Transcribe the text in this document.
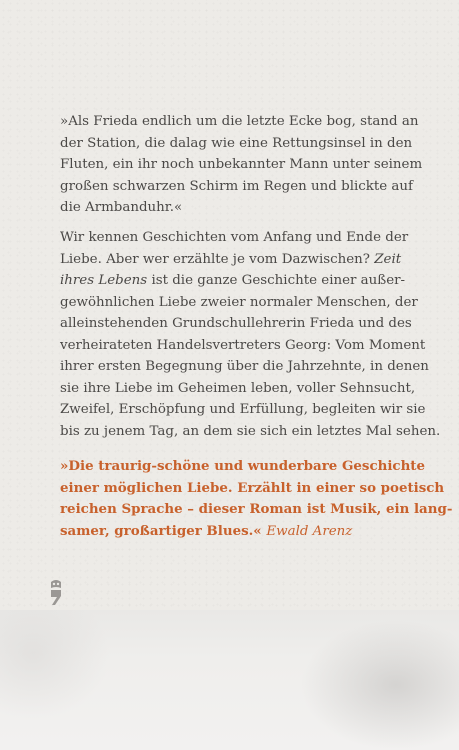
»Als Frieda endlich um die letzte Ecke bog, stand an
der Station, die dalag wie eine Rettungsinsel in den
Fluten, ein ihr noch unbekannter Mann unter seinem
großen schwarzen Schirm im Regen und blickte auf
die Armbanduhr.«

Wir kennen Geschichten vom Anfang und Ende der
Liebe. Aber wer erzählte je vom Dazwischen? Zeit
ihres Lebens ist die ganze Geschichte einer außer-
gewöhnlichen Liebe zweier normaler Menschen, der
alleinstehenden Grundschullehrerin Frieda und des
verheirateten Handelsvertreters Georg: Vom Moment
ihrer ersten Begegnung über die Jahrzehnte, in denen
sie ihre Liebe im Geheimen leben, voller Sehnsucht,
Zweifel, Erschöpfung und Erfüllung, begleiten wir sie
bis zu jenem Tag, an dem sie sich ein letztes Mal sehen.

»Die traurig-schöne und wunderbare Geschichte
einer möglichen Liebe. Erzählt in einer so poetisch
reichen Sprache – dieser Roman ist Musik, ein lang-
samer, großartiger Blues.« Ewald Arenz
